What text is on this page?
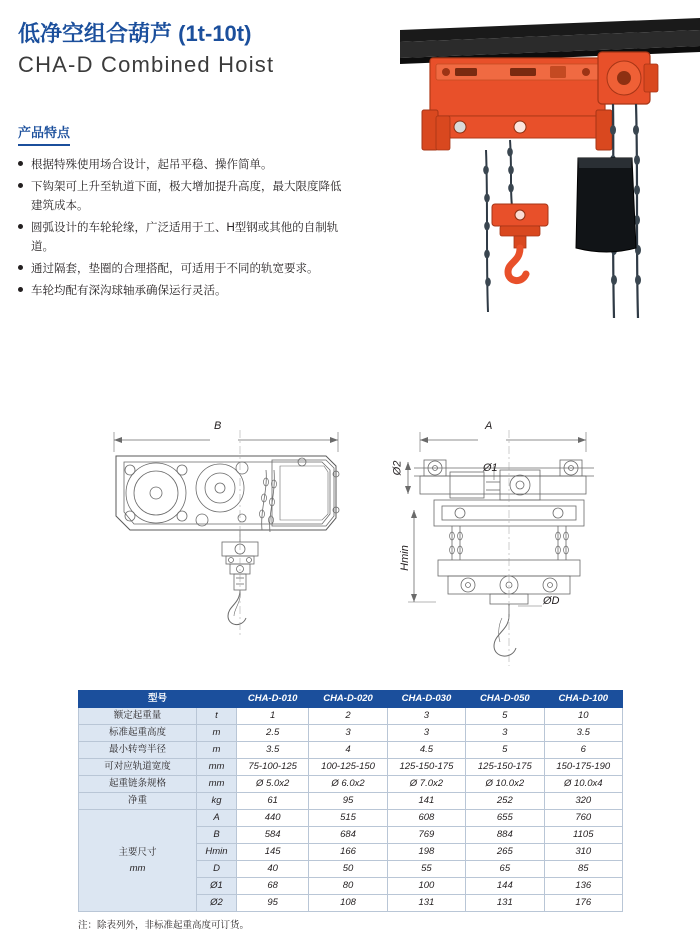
低净空组合葫芦 (1t-10t)
CHA-D Combined Hoist
产品特点
根据特殊使用场合设计，起吊平稳、操作简单。
下钩架可上升至轨道下面，极大增加提升高度，最大限度降低建筑成本。
圆弧设计的车轮轮缘，广泛适用于工、H型钢或其他的自制轨道。
通过隔套，垫圈的合理搭配，可适用于不同的轨宽要求。
车轮均配有深沟球轴承确保运行灵活。
B	A
Hmin
Ø2	Ø1
ØD
型号		CHA-D-010	CHA-D-020	CHA-D-030	CHA-D-050	CHA-D-100
额定起重量	t	1	2	3	5	10
标准起重高度	m	2.5	3	3	3	3.5
最小转弯半径	m	3.5	4	4.5	5	6
可对应轨道宽度	mm	75-100-125	100-125-150	125-150-175	125-150-175	150-175-190
起重链条规格	mm	Ø 5.0x2	Ø 6.0x2	Ø 7.0x2	Ø 10.0x2	Ø 10.0x4
净重	kg	61	95	141	252	320
主要尺寸
mm	A	440	515	608	655	760
	B	584	684	769	884	1105
	Hmin	145	166	198	265	310
	D	40	50	55	65	85
	Ø1	68	80	100	144	136
	Ø2	95	108	131	131	176
注：除表列外，非标准起重高度可订货。
